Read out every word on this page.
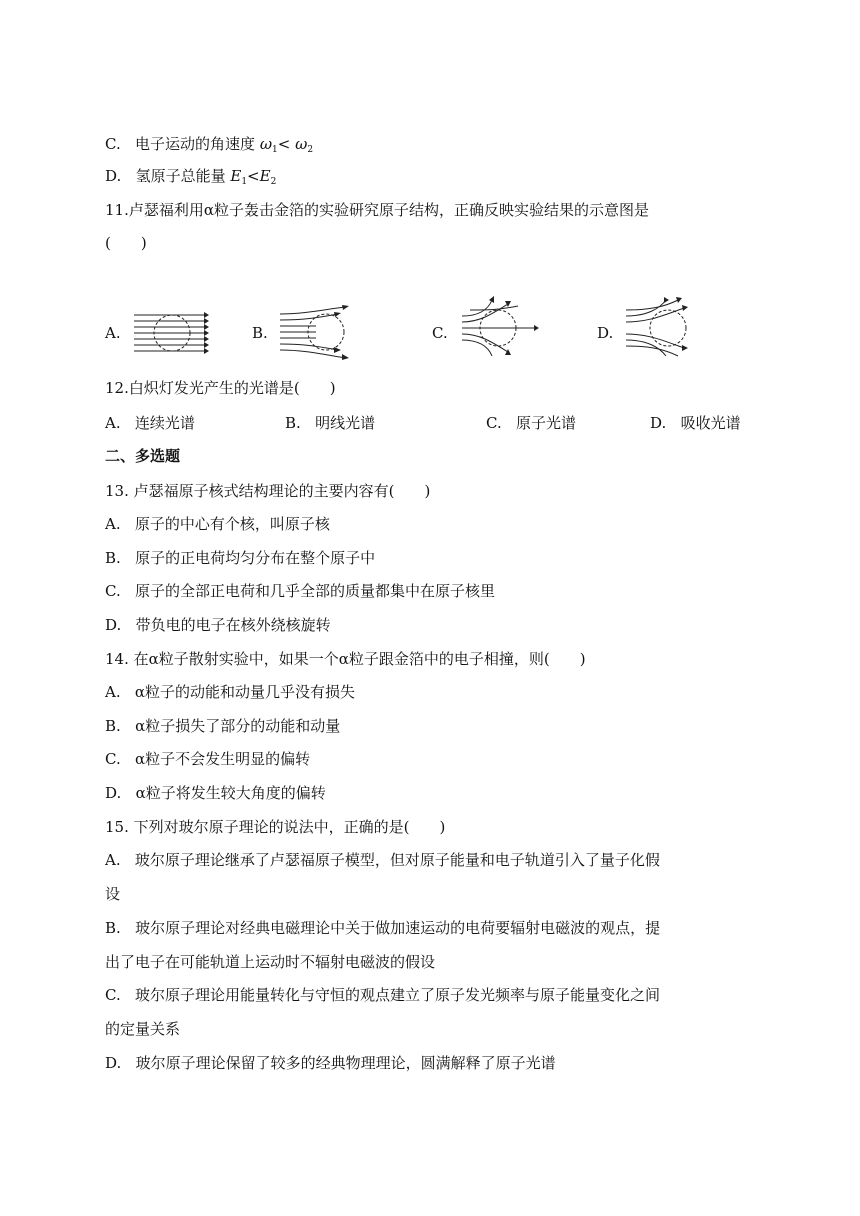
C. 电子运动的角速度 $\omega_1< \omega_2$
D. 氢原子总能量 $E_1<E_2$
11.卢瑟福利用α粒子轰击金箔的实验研究原子结构，正确反映实验结果的示意图是
(　　)
A.	B.	C.	D.
12.白炽灯发光产生的光谱是(　　)
A. 连续光谱	B. 明线光谱	C. 原子光谱	D. 吸收光谱
二、多选题
13. 卢瑟福原子核式结构理论的主要内容有(　　)
A. 原子的中心有个核，叫原子核
B. 原子的正电荷均匀分布在整个原子中
C. 原子的全部正电荷和几乎全部的质量都集中在原子核里
D. 带负电的电子在核外绕核旋转
14. 在α粒子散射实验中，如果一个α粒子跟金箔中的电子相撞，则(　　)
A. α粒子的动能和动量几乎没有损失
B. α粒子损失了部分的动能和动量
C. α粒子不会发生明显的偏转
D. α粒子将发生较大角度的偏转
15. 下列对玻尔原子理论的说法中，正确的是(　　)
A. 玻尔原子理论继承了卢瑟福原子模型，但对原子能量和电子轨道引入了量子化假
设
B. 玻尔原子理论对经典电磁理论中关于做加速运动的电荷要辐射电磁波的观点，提
出了电子在可能轨道上运动时不辐射电磁波的假设
C. 玻尔原子理论用能量转化与守恒的观点建立了原子发光频率与原子能量变化之间
的定量关系
D. 玻尔原子理论保留了较多的经典物理理论，圆满解释了原子光谱
